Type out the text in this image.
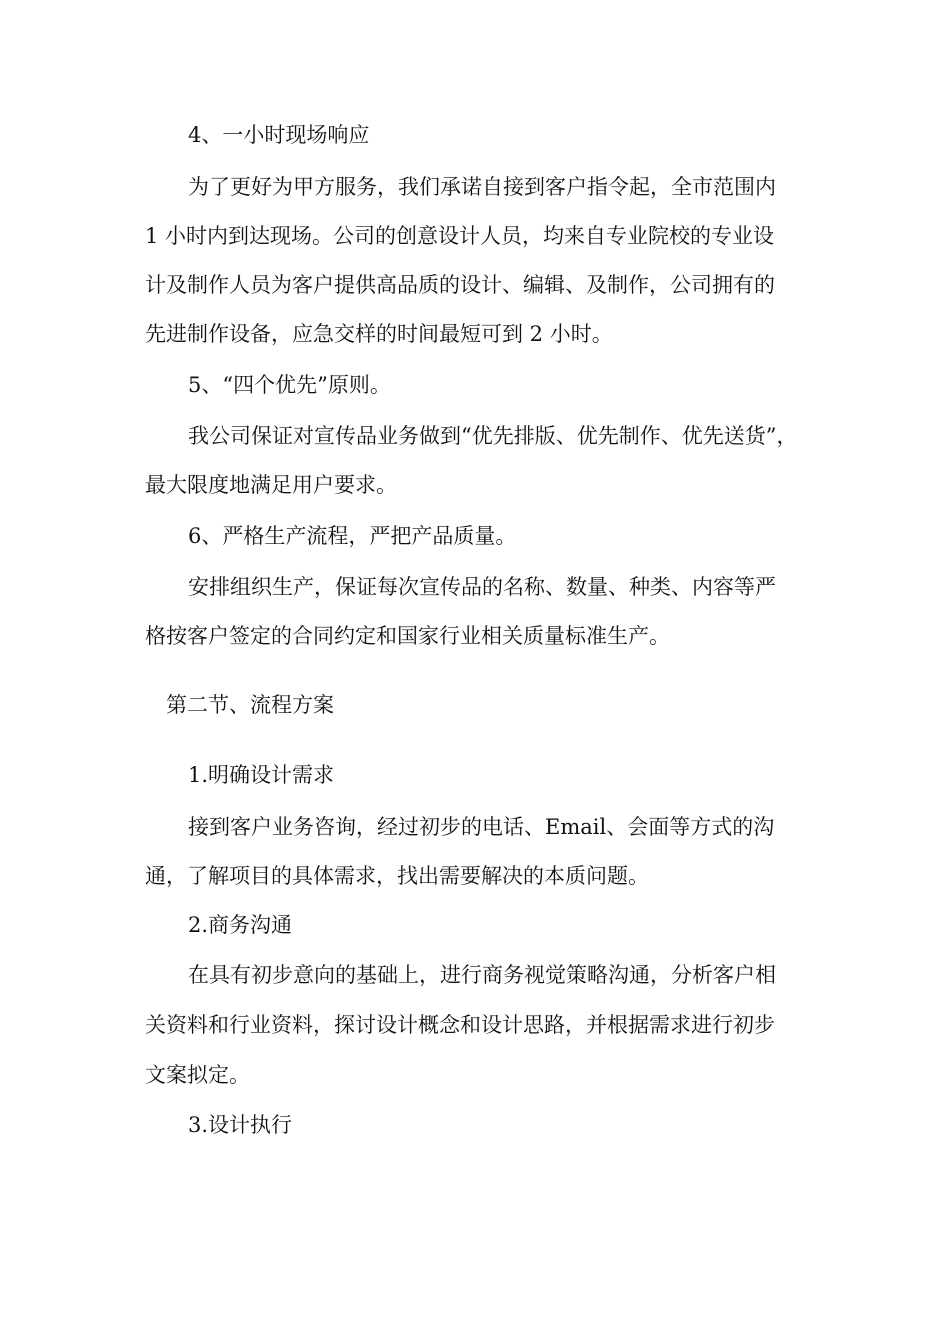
4、一小时现场响应
为了更好为甲方服务，我们承诺自接到客户指令起，全市范围内
1 小时内到达现场。公司的创意设计人员，均来自专业院校的专业设
计及制作人员为客户提供高品质的设计、编辑、及制作，公司拥有的
先进制作设备，应急交样的时间最短可到 2 小时。
5、“四个优先”原则。
我公司保证对宣传品业务做到“优先排版、优先制作、优先送货”，
最大限度地满足用户要求。
6、严格生产流程，严把产品质量。
安排组织生产，保证每次宣传品的名称、数量、种类、内容等严
格按客户签定的合同约定和国家行业相关质量标准生产。
第二节、流程方案
1.明确设计需求
接到客户业务咨询，经过初步的电话、Email、会面等方式的沟
通，了解项目的具体需求，找出需要解决的本质问题。
2.商务沟通
在具有初步意向的基础上，进行商务视觉策略沟通，分析客户相
关资料和行业资料，探讨设计概念和设计思路，并根据需求进行初步
文案拟定。
3.设计执行
